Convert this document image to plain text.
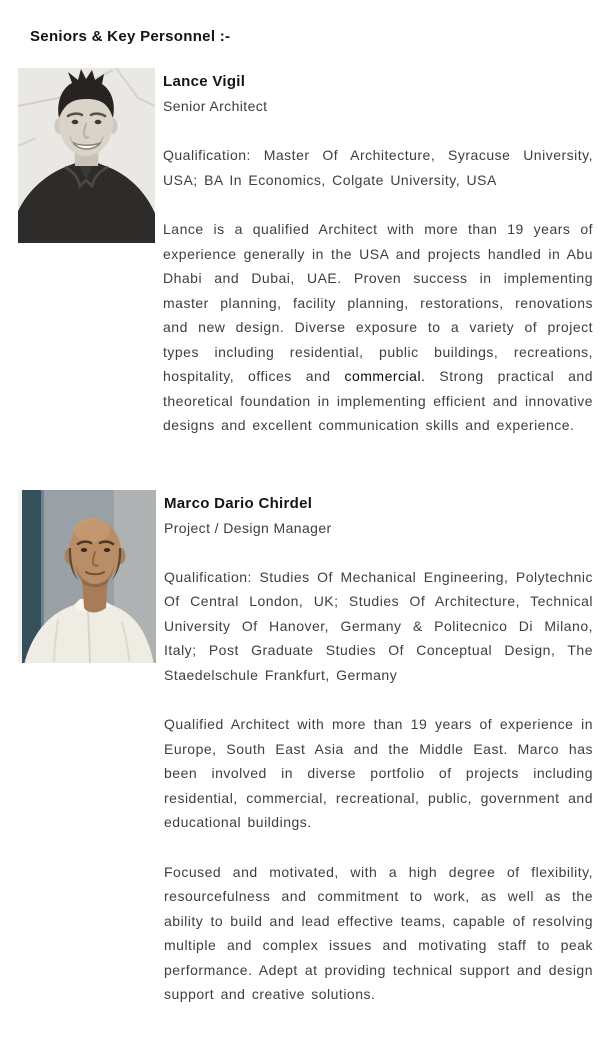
Seniors & Key Personnel :-
Lance Vigil
Senior Architect

Qualification: Master Of Architecture, Syracuse University, USA; BA In Economics, Colgate University, USA

Lance is a qualified Architect with more than 19 years of experience generally in the USA and projects handled in Abu Dhabi and Dubai, UAE. Proven success in implementing master planning, facility planning, restorations, renovations and new design. Diverse exposure to a variety of project types including residential, public buildings, recreations, hospitality, offices and commercial. Strong practical and theoretical foundation in implementing efficient and innovative designs and excellent communication skills and experience.

Marco Dario Chirdel
Project / Design Manager

Qualification: Studies Of Mechanical Engineering, Polytechnic Of Central London, UK; Studies Of Architecture, Technical University Of Hanover, Germany & Politecnico Di Milano, Italy; Post Graduate Studies Of Conceptual Design, The Staedelschule Frankfurt, Germany

Qualified Architect with more than 19 years of experience in Europe, South East Asia and the Middle East. Marco has been involved in diverse portfolio of projects including residential, commercial, recreational, public, government and educational buildings.

Focused and motivated, with a high degree of flexibility, resourcefulness and commitment to work, as well as the ability to build and lead effective teams, capable of resolving multiple and complex issues and motivating staff to peak performance. Adept at providing technical support and design support and creative solutions.
